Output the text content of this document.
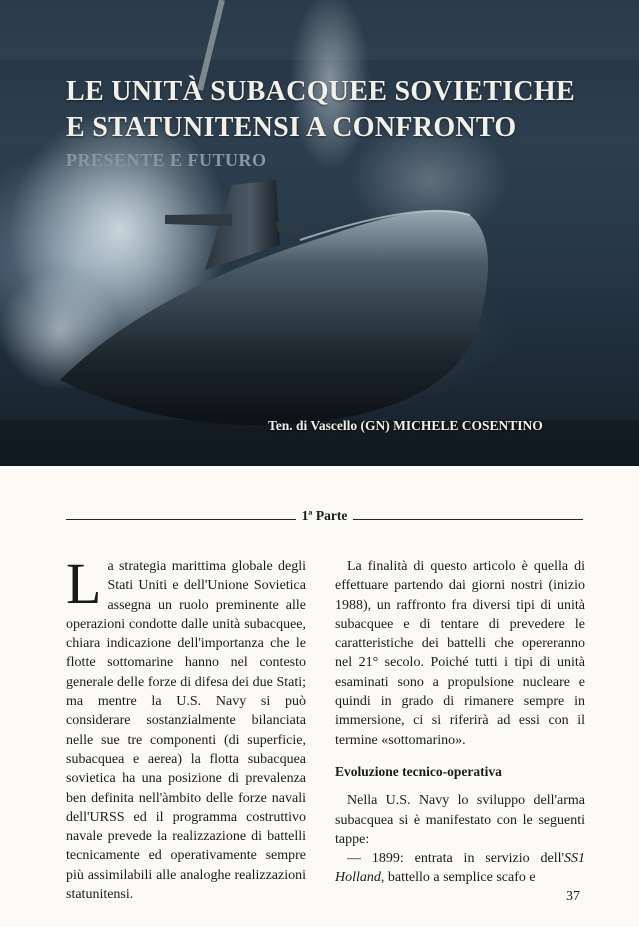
LE UNITÀ SUBACQUEE SOVIETICHE
E STATUNITENSI A CONFRONTO
PRESENTE E FUTURO
Ten. di Vascello (GN) MICHELE COSENTINO
1ª Parte

L a strategia marittima globale degli Stati Uniti e dell'Unione Sovietica assegna un ruolo preminente alle operazioni condotte dalle unità subacquee, chiara indicazione dell'importanza che le flotte sottomarine hanno nel contesto generale delle forze di difesa dei due Stati; ma mentre la U.S. Navy si può considerare sostanzialmente bilanciata nelle sue tre componenti (di superficie, subacquea e aerea) la flotta subacquea sovietica ha una posizione di prevalenza ben definita nell'àmbito delle forze navali dell'URSS ed il programma costruttivo navale prevede la realizzazione di battelli tecnicamente ed operativamente sempre più assimilabili alle analoghe realizzazioni statunitensi.

La finalità di questo articolo è quella di effettuare partendo dai giorni nostri (inizio 1988), un raffronto fra diversi tipi di unità subacquee e di tentare di prevedere le caratteristiche dei battelli che opereranno nel 21° secolo. Poiché tutti i tipi di unità esaminati sono a propulsione nucleare e quindi in grado di rimanere sempre in immersione, ci si riferirà ad essi con il termine «sottomarino».

Evoluzione tecnico-operativa

Nella U.S. Navy lo sviluppo dell'arma subacquea si è manifestato con le seguenti tappe:

— 1899: entrata in servizio dell'SS1 Holland, battello a semplice scafo e

37
